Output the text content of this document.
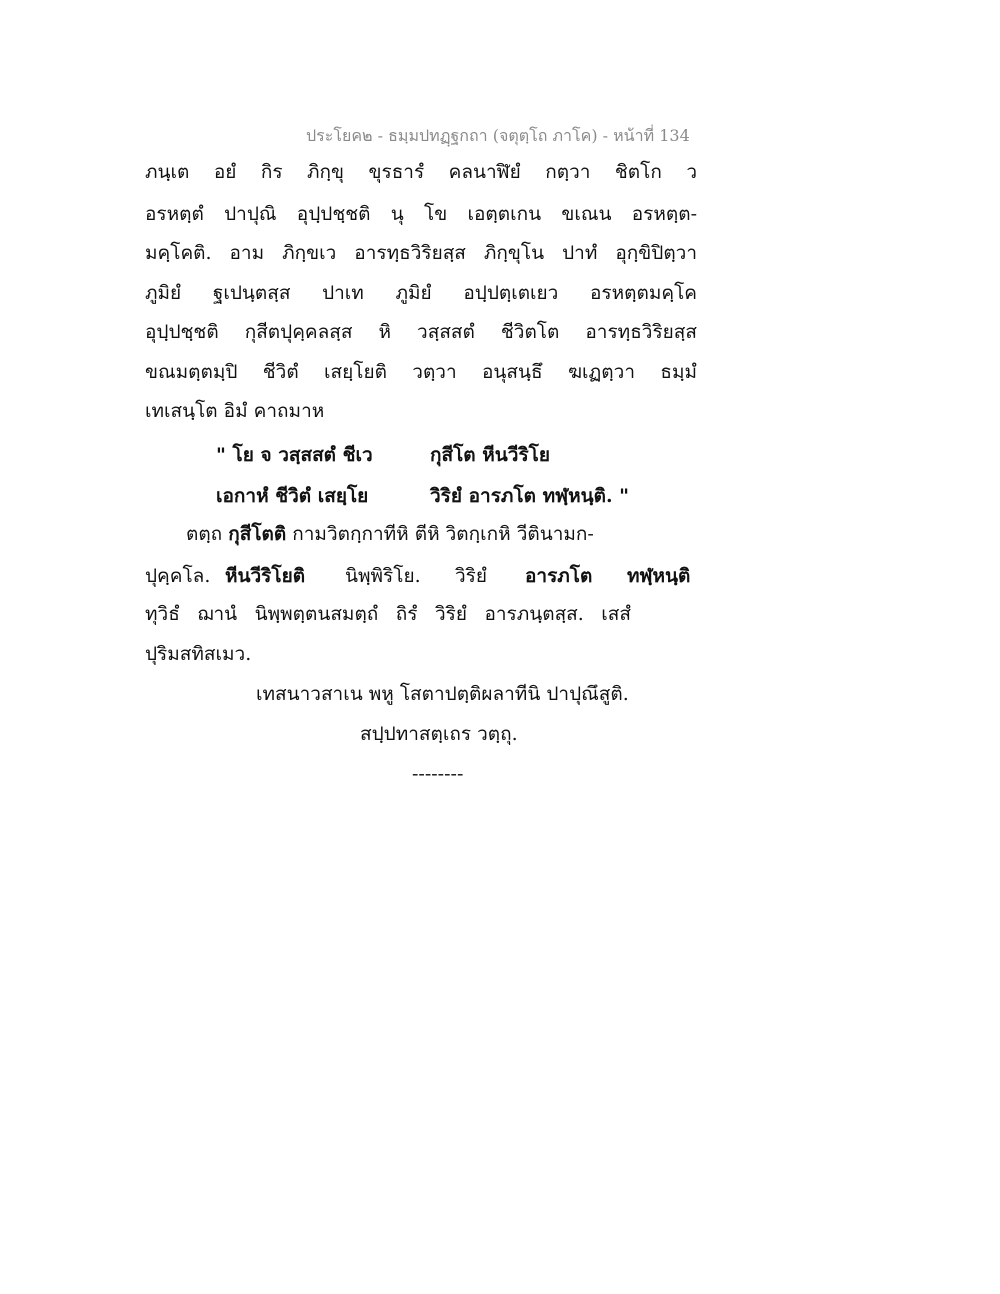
ประโยค๒ - ธมฺมปทฏฺฐกถา (จตุตฺโถ ภาโค) - หน้าที่ 134
ภนฺเต อยํ กิร ภิกฺขุ ขุรธารํ คลนาฬิยํ กตฺวา ชิตโก ว
อรหตฺตํ ปาปุณิ อุปฺปชฺชติ นุ โข เอตฺตเกน ขเณน อรหตฺต-
มคฺโคติ. อาม ภิกฺขเว อารทฺธวิริยสฺส ภิกฺขุโน ปาทํ อุกฺขิปิตฺวา
ภูมิยํ ฐเปนฺตสฺส ปาเท ภูมิยํ อปฺปตฺเตเยว อรหตฺตมคฺโค
อุปฺปชฺชติ กุสีตปุคฺคลสฺส หิ วสฺสสตํ ชีวิตโต อารทฺธวิริยสฺส
ขณมตฺตมฺปิ ชีวิตํ เสยฺโยติ วตฺวา อนุสนฺธึ ฆเฏตฺวา ธมฺมํ
เทเสนฺโต อิมํ คาถมาห
" โย จ วสฺสสตํ ชีเว	กุสีโต หีนวีริโย
เอกาหํ ชีวิตํ เสยฺโย	วิริยํ อารภโต ทฬฺหนฺติ. "
ตตฺถ กุสีโตติ กามวิตกฺกาทีหิ ตีหิ วิตกฺเกหิ วีตินามก-
ปุคฺคโล. หีนวีริโยติ นิพฺพิริโย. วิริยํ อารภโต ทฬฺหนฺติ
ทุวิธํ ฌานํ นิพฺพตฺตนสมตฺถํ ถิรํ วิริยํ อารภนฺตสฺส. เสสํ
ปุริมสทิสเมว.
เทสนาวสาเน พหู โสตาปตฺติผลาทีนิ ปาปุณึสูติ.
สปฺปทาสตฺเถร วตฺถุ.
--------
